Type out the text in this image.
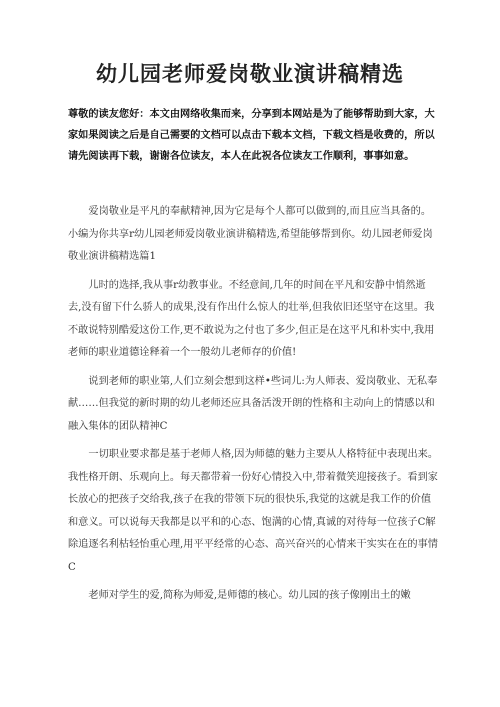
幼儿园老师爱岗敬业演讲稿精选

尊敬的读友您好：本文由网络收集而来，分享到本网站是为了能够帮助到大家，大家如果阅读之后是自己需要的文档可以点击下载本文档，下载文档是收费的，所以请先阅读再下载，谢谢各位读友，本人在此祝各位读友工作顺利，事事如意。

爱岗敬业是平凡的奉献精神,因为它是每个人都可以做到的,而且应当具备的。小编为你共享r幼儿园老师爱岗敬业演讲稿精选,希望能够帮到你。幼儿园老师爱岗敬业演讲稿精选篇1

儿时的选择,我从事r幼教事业。不经意间,几年的时间在平凡和安静中悄然逝去,没有留下什么骄人的成果,没有作出什么惊人的壮举,但我依旧还坚守在这里。我不敢说特别酷爱这份工作,更不敢说为之付也了多少,但正是在这平凡和朴实中,我用老师的职业道德诠释着一个一般幼儿老师存的价值!

说到老师的职业第,人们立刻会想到这样•些词儿:为人师表、爱岗敬业、无私奉献……但我觉的新时期的幼儿老师还应具备活泼开朗的性格和主动向上的情感以和融入集体的团队精神C

一切职业要求都是基于老师人格,因为师德的魅力主要从人格特征中表现出来。我性格开朗、乐观向上。每天都带着一份好心情投入中,带着微笑迎接孩子。看到家长放心的把孩子交给我,孩子在我的带领下玩的很快乐,我觉的这就是我工作的价值和意义。可以说每天我都是以平和的心态、饱满的心情,真诚的对待每一位孩子C解除追逐名利枯轻怡重心理,用平平经常的心态、高兴奋兴的心情来干实实在在的事情C

老师对学生的爱,简称为师爱,是师德的核心。幼儿园的孩子像刚出土的嫩
